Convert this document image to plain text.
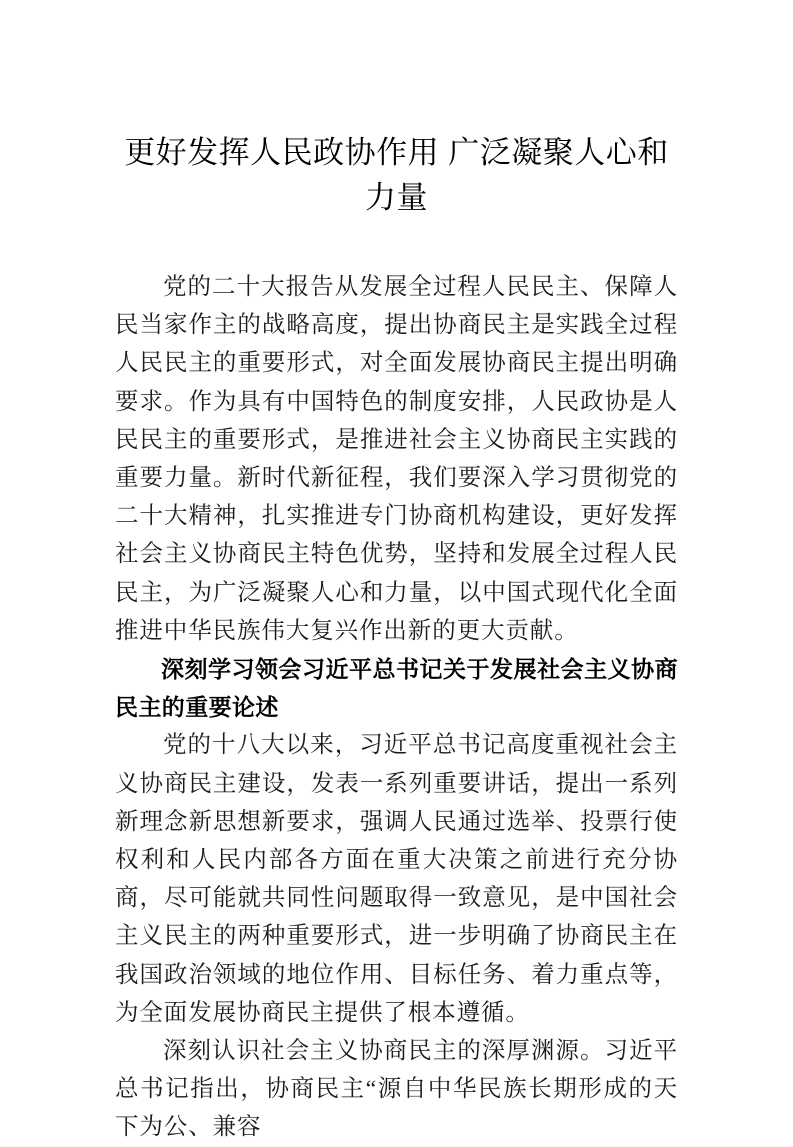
更好发挥人民政协作用 广泛凝聚人心和力量

党的二十大报告从发展全过程人民民主、保障人民当家作主的战略高度，提出协商民主是实践全过程人民民主的重要形式，对全面发展协商民主提出明确要求。作为具有中国特色的制度安排，人民政协是人民民主的重要形式，是推进社会主义协商民主实践的重要力量。新时代新征程，我们要深入学习贯彻党的二十大精神，扎实推进专门协商机构建设，更好发挥社会主义协商民主特色优势，坚持和发展全过程人民民主，为广泛凝聚人心和力量，以中国式现代化全面推进中华民族伟大复兴作出新的更大贡献。

深刻学习领会习近平总书记关于发展社会主义协商民主的重要论述

党的十八大以来，习近平总书记高度重视社会主义协商民主建设，发表一系列重要讲话，提出一系列新理念新思想新要求，强调人民通过选举、投票行使权利和人民内部各方面在重大决策之前进行充分协商，尽可能就共同性问题取得一致意见，是中国社会主义民主的两种重要形式，进一步明确了协商民主在我国政治领域的地位作用、目标任务、着力重点等，为全面发展协商民主提供了根本遵循。

深刻认识社会主义协商民主的深厚渊源。习近平总书记指出，协商民主“源自中华民族长期形成的天下为公、兼容
